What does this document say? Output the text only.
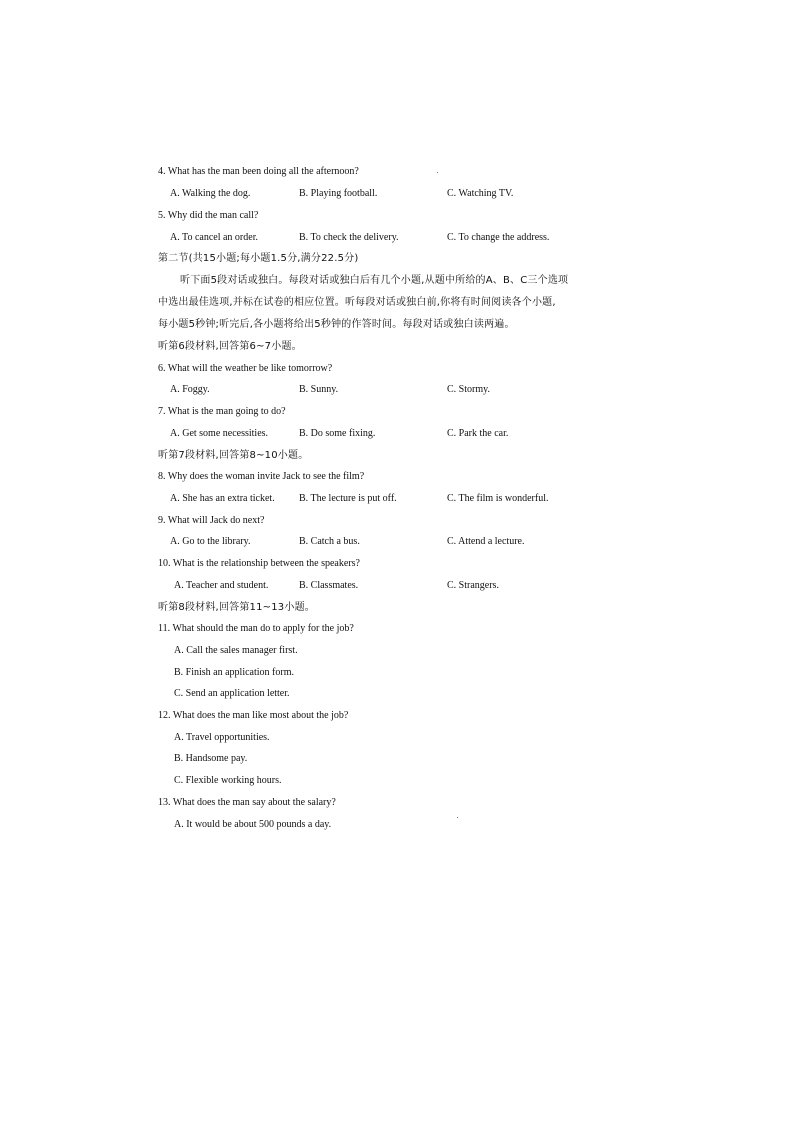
4. What has the man been doing all the afternoon?
A. Walking the dog.	B. Playing football.	C. Watching TV.
5. Why did the man call?
A. To cancel an order.	B. To check the delivery.	C. To change the address.
第二节(共15小题;每小题1.5分,满分22.5分)
听下面5段对话或独白。每段对话或独白后有几个小题,从题中所给的A、B、C三个选项
中选出最佳选项,并标在试卷的相应位置。听每段对话或独白前,你将有时间阅读各个小题,
每小题5秒钟;听完后,各小题将给出5秒钟的作答时间。每段对话或独白读两遍。
听第6段材料,回答第6~7小题。
6. What will the weather be like tomorrow?
A. Foggy.	B. Sunny.	C. Stormy.
7. What is the man going to do?
A. Get some necessities.	B. Do some fixing.	C. Park the car.
听第7段材料,回答第8~10小题。
8. Why does the woman invite Jack to see the film?
A. She has an extra ticket. B. The lecture is put off.	C. The film is wonderful.
9. What will Jack do next?
A. Go to the library.	B. Catch a bus.	C. Attend a lecture.
10. What is the relationship between the speakers?
A. Teacher and student.	B. Classmates.	C. Strangers.
听第8段材料,回答第11~13小题。
11. What should the man do to apply for the job?
A. Call the sales manager first.
B. Finish an application form.
C. Send an application letter.
12. What does the man like most about the job?
A. Travel opportunities.
B. Handsome pay.
C. Flexible working hours.
13. What does the man say about the salary?
A. It would be about 500 pounds a day.
